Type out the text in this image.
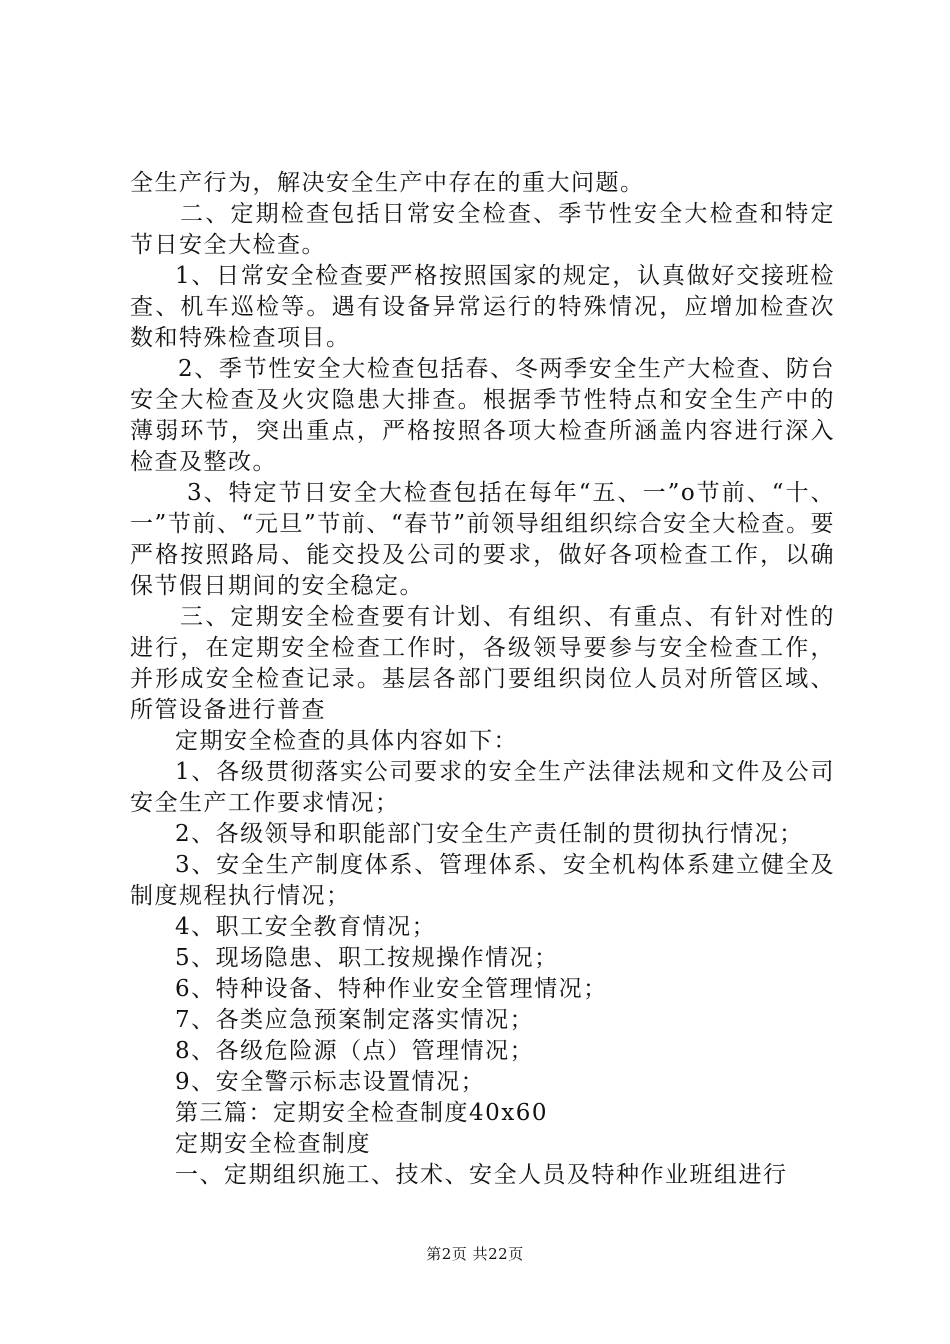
全生产行为，解决安全生产中存在的重大问题。

二、定期检查包括日常安全检查、季节性安全大检查和特定节日安全大检查。

1、日常安全检查要严格按照国家的规定，认真做好交接班检查、机车巡检等。遇有设备异常运行的特殊情况，应增加检查次数和特殊检查项目。

2、季节性安全大检查包括春、冬两季安全生产大检查、防台安全大检查及火灾隐患大排查。根据季节性特点和安全生产中的薄弱环节，突出重点，严格按照各项大检查所涵盖内容进行深入检查及整改。

3、特定节日安全大检查包括在每年“五、一”o节前、“十、一”节前、“元旦”节前、“春节”前领导组组织综合安全大检查。要严格按照路局、能交投及公司的要求，做好各项检查工作，以确保节假日期间的安全稳定。

三、定期安全检查要有计划、有组织、有重点、有针对性的进行，在定期安全检查工作时，各级领导要参与安全检查工作，并形成安全检查记录。基层各部门要组织岗位人员对所管区域、所管设备进行普查

定期安全检查的具体内容如下：

1、各级贯彻落实公司要求的安全生产法律法规和文件及公司安全生产工作要求情况；

2、各级领导和职能部门安全生产责任制的贯彻执行情况；

3、安全生产制度体系、管理体系、安全机构体系建立健全及制度规程执行情况；

4、职工安全教育情况；

5、现场隐患、职工按规操作情况；

6、特种设备、特种作业安全管理情况；

7、各类应急预案制定落实情况；

8、各级危险源（点）管理情况；

9、安全警示标志设置情况；

第三篇：定期安全检查制度40x60

定期安全检查制度

一、定期组织施工、技术、安全人员及特种作业班组进行

第2页 共22页
